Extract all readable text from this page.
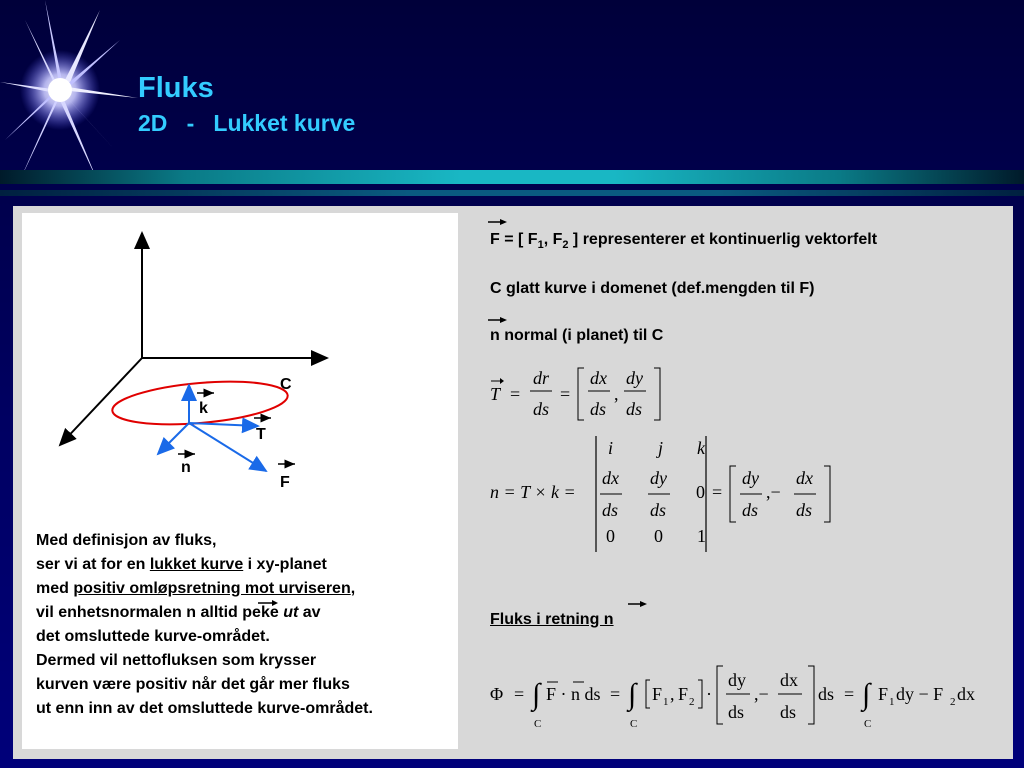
Fluks
2D   -   Lukket kurve
C
k
T
n
F
Med definisjon av fluks,
ser vi at for en lukket kurve i xy-planet
med positiv omløpsretning mot urviseren,
vil enhetsnormalen n alltid peke ut av
det omsluttede kurve-området.
Dermed vil nettofluksen som krysser
kurven være positiv når det går mer fluks
ut enn inn av det omsluttede kurve-området.
F = [ $F_1$, $F_2$ ] representerer et kontinuerlig vektorfelt
C glatt kurve i domenet (def.mengden til F)
n normal (i planet) til C
T =
dr
ds
=
dx
ds
,
dy
ds
n = T × k =
i j k
dx
ds
dy
ds
0
0 0 1
=
dy
ds
,−
dx
ds
Fluks i retning n
Φ = ∫
C
F · n ds = ∫
C
F 1 , F 2 ·
dy
ds
,−
dx
ds
ds = ∫
C
F 1 dy − F 2 dx
